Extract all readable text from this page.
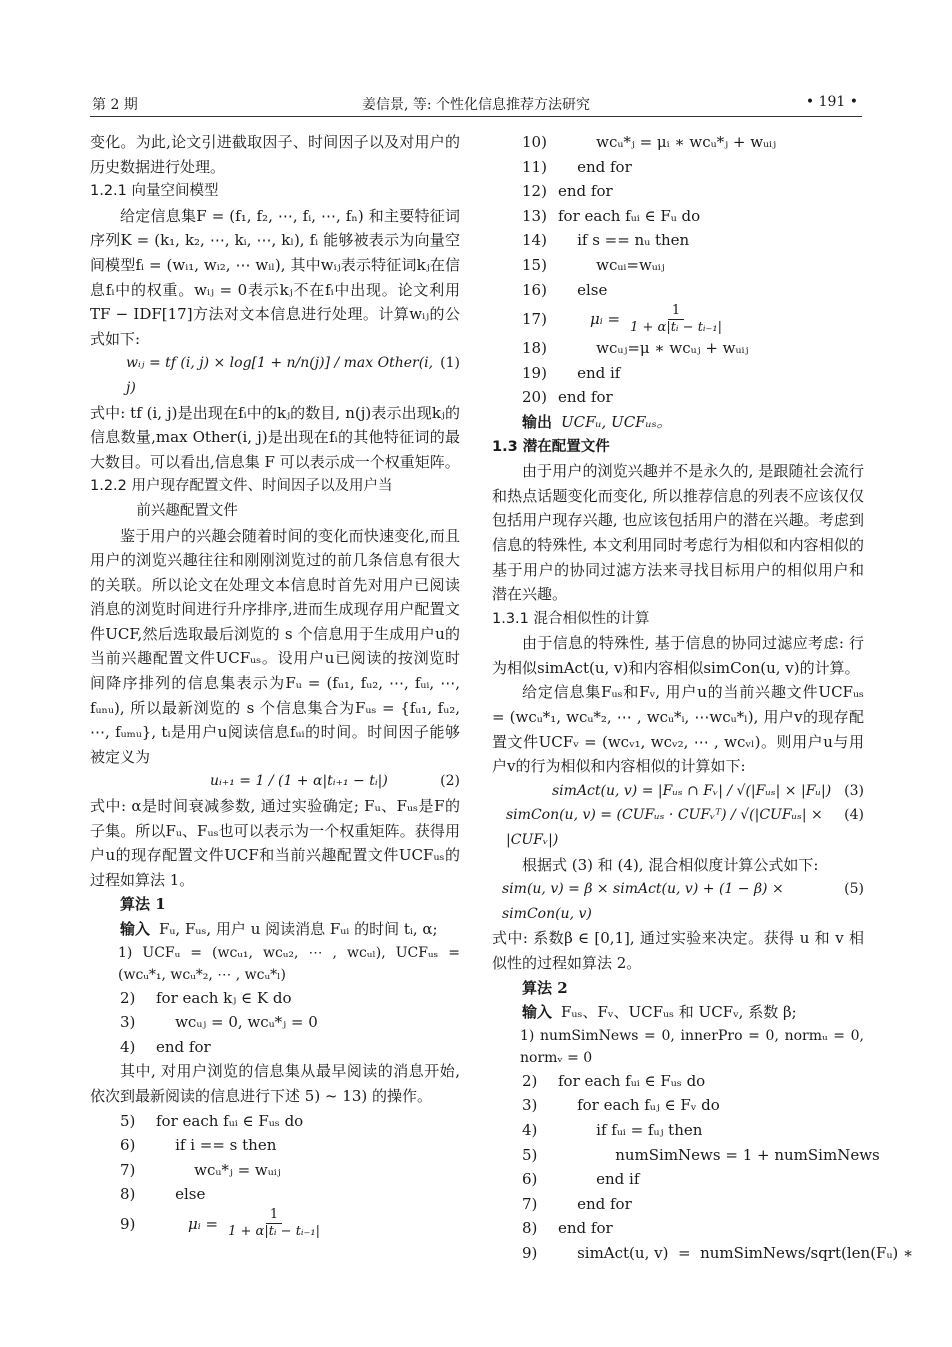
第 2 期	姜信景, 等: 个性化信息推荐方法研究	• 191 •

变化。为此,论文引进截取因子、时间因子以及对用户的历史数据进行处理。

1.2.1 向量空间模型

给定信息集F = (f₁, f₂, ⋯, fᵢ, ⋯, fₙ) 和主要特征词序列K = (k₁, k₂, ⋯, kᵢ, ⋯, kₗ), fᵢ 能够被表示为向量空间模型fᵢ = (wᵢ₁, wᵢ₂, ⋯ wᵢₗ), 其中wᵢⱼ表示特征词kⱼ在信息fᵢ中的权重。wᵢⱼ = 0表示kⱼ不在fᵢ中出现。论文利用TF − IDF[17]方法对文本信息进行处理。计算wᵢⱼ的公式如下:

wᵢⱼ = tf (i, j) × log[1 + n/n(j)] / max Other(i, j)
(1)

式中: tf (i, j)是出现在fᵢ中的kⱼ的数目, n(j)表示出现kⱼ的信息数量,max Other(i, j)是出现在fᵢ的其他特征词的最大数目。可以看出,信息集 F 可以表示成一个权重矩阵。

1.2.2 用户现存配置文件、时间因子以及用户当
前兴趣配置文件

鉴于用户的兴趣会随着时间的变化而快速变化,而且用户的浏览兴趣往往和刚刚浏览过的前几条信息有很大的关联。所以论文在处理文本信息时首先对用户已阅读消息的浏览时间进行升序排序,进而生成现存用户配置文件UCF,然后选取最后浏览的 s 个信息用于生成用户u的当前兴趣配置文件UCFᵤₛ。设用户u已阅读的按浏览时间降序排列的信息集表示为Fᵤ = (fᵤ₁, fᵤ₂, ⋯, fᵤᵢ, ⋯, fᵤₙᵤ), 所以最新浏览的 s 个信息集合为Fᵤₛ = {fᵤ₁, fᵤ₂, ⋯, fᵤₘᵤ}, tᵢ是用户u阅读信息fᵤᵢ的时间。时间因子能够被定义为

uᵢ₊₁ = 1 / (1 + α|tᵢ₊₁ − tᵢ|)	(2)

式中: α是时间衰减参数, 通过实验确定; Fᵤ、Fᵤₛ是F的子集。所以Fᵤ、Fᵤₛ也可以表示为一个权重矩阵。获得用户u的现存配置文件UCF和当前兴趣配置文件UCFᵤₛ的过程如算法 1。

算法 1
输入 Fᵤ, Fᵤₛ, 用户 u 阅读消息 Fᵤᵢ 的时间 tᵢ, α;
1) UCFᵤ = (wcᵤ₁, wcᵤ₂, ⋯ , wcᵤₗ), UCFᵤₛ = (wcᵤ*₁, wcᵤ*₂, ⋯ , wcᵤ*ₗ)
2)	for each kⱼ ∈ K do
3)	wcᵤⱼ = 0, wcᵤ*ⱼ = 0
4)	end for

其中, 对用户浏览的信息集从最早阅读的消息开始, 依次到最新阅读的信息进行下述 5) ~ 13) 的操作。

5)	for each fᵤᵢ ∈ Fᵤₛ do
6)	if i == s then
7)	wcᵤ*ⱼ = wᵤᵢⱼ
8)	else
9)	μᵢ = $\frac{1}{\text{1 + α|tᵢ − tᵢ₋₁|}}$
10) wcᵤ*ⱼ = μᵢ ∗ wcᵤ*ⱼ + wᵤᵢⱼ
11) end for
12) end for
13) for each fᵤᵢ ∈ Fᵤ do
14) if s == nᵤ then
15) wcᵤᵢ=wᵤᵢⱼ
16) else
17)	μᵢ = $\frac{1}{\text{1 + α|tᵢ − tᵢ₋₁|}}$
18) wcᵤⱼ=μ ∗ wcᵤⱼ + wᵤᵢⱼ
19) end if
20) end for
输出 UCFᵤ, UCFᵤₛ。
1.3 潜在配置文件

由于用户的浏览兴趣并不是永久的, 是跟随社会流行和热点话题变化而变化, 所以推荐信息的列表不应该仅仅包括用户现存兴趣, 也应该包括用户的潜在兴趣。考虑到信息的特殊性, 本文利用同时考虑行为相似和内容相似的基于用户的协同过滤方法来寻找目标用户的相似用户和潜在兴趣。

1.3.1 混合相似性的计算

由于信息的特殊性, 基于信息的协同过滤应考虑: 行为相似simAct(u, v)和内容相似simCon(u, v)的计算。

给定信息集Fᵤₛ和Fᵥ, 用户u的当前兴趣文件UCFᵤₛ = (wcᵤ*₁, wcᵤ*₂, ⋯ , wcᵤ*ᵢ, ⋯wcᵤ*ₗ), 用户v的现存配置文件UCFᵥ = (wcᵥ₁, wcᵥ₂, ⋯ , wcᵥₗ)。则用户u与用户v的行为相似和内容相似的计算如下:

simAct(u, v) = |Fᵤₛ ∩ Fᵥ| / √(|Fᵤₛ| × |Fᵤ|) (3)
simCon(u, v) = (CUFᵤₛ · CUFᵥᵀ) / √(|CUFᵤₛ| × |CUFᵥ|)
(4)

根据式 (3) 和 (4), 混合相似度计算公式如下:

sim(u, v) = β × simAct(u, v) + (1 − β) × simCon(u, v)
(5)

式中: 系数β ∈ [0,1], 通过实验来决定。获得 u 和 v 相似性的过程如算法 2。

算法 2
输入 Fᵤₛ、Fᵥ、UCFᵤₛ 和 UCFᵥ, 系数 β;
1) numSimNews = 0, innerPro = 0, normᵤ = 0, normᵥ = 0
2)	for each fᵤᵢ ∈ Fᵤₛ do
3)	for each fᵤⱼ ∈ Fᵥ do
4)	if fᵤᵢ = fᵤⱼ then
5)	numSimNews = 1 + numSimNews
6)	end if
7)	end for
8)	end for
9)	simAct(u, v)  =  numSimNews/sqrt(len(Fᵤ) ∗
